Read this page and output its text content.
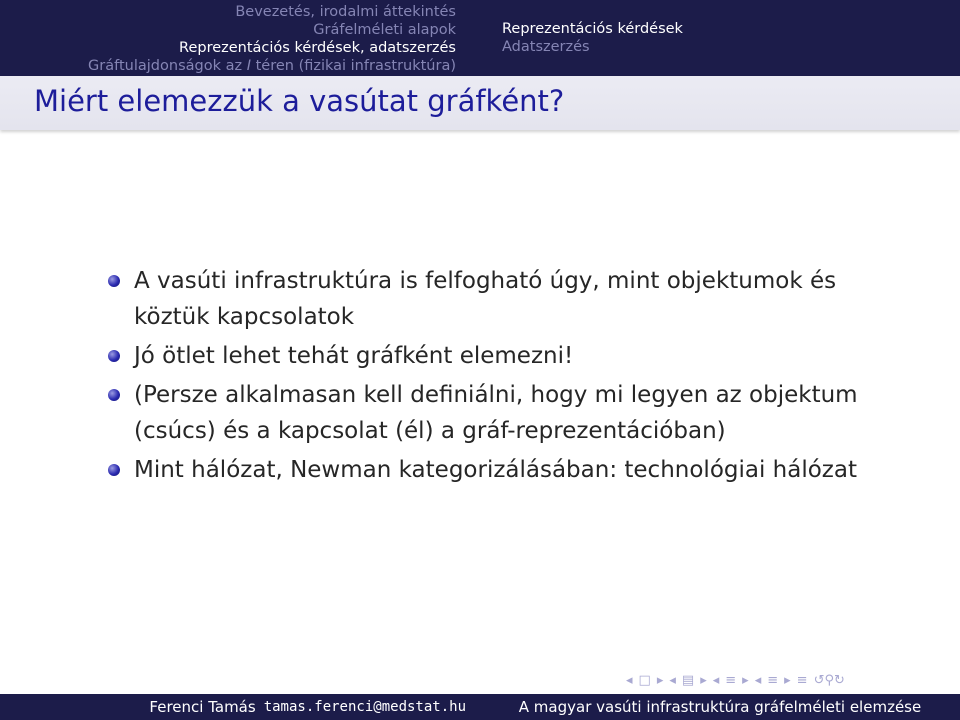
Bevezetés, irodalmi áttekintés
Gráfelméleti alapok
Reprezentációs kérdések, adatszerzés
Gráftulajdonságok az I téren (fizikai infrastruktúra)
Reprezentációs kérdések
Adatszerzés
Miért elemezzük a vasútat gráfként?
A vasúti infrastruktúra is felfogható úgy, mint objektumok és köztük kapcsolatok
Jó ötlet lehet tehát gráfként elemezni!
(Persze alkalmasan kell definiálni, hogy mi legyen az objektum (csúcs) és a kapcsolat (él) a gráf-reprezentációban)
Mint hálózat, Newman kategorizálásában: technológiai hálózat
◂ □ ▸ ◂ ▤ ▸ ◂ ≡ ▸ ◂ ≡ ▸ ≡ ↺⚲↻
Ferenci Tamás tamas.ferenci@medstat.hu	A magyar vasúti infrastruktúra gráfelméleti elemzése
